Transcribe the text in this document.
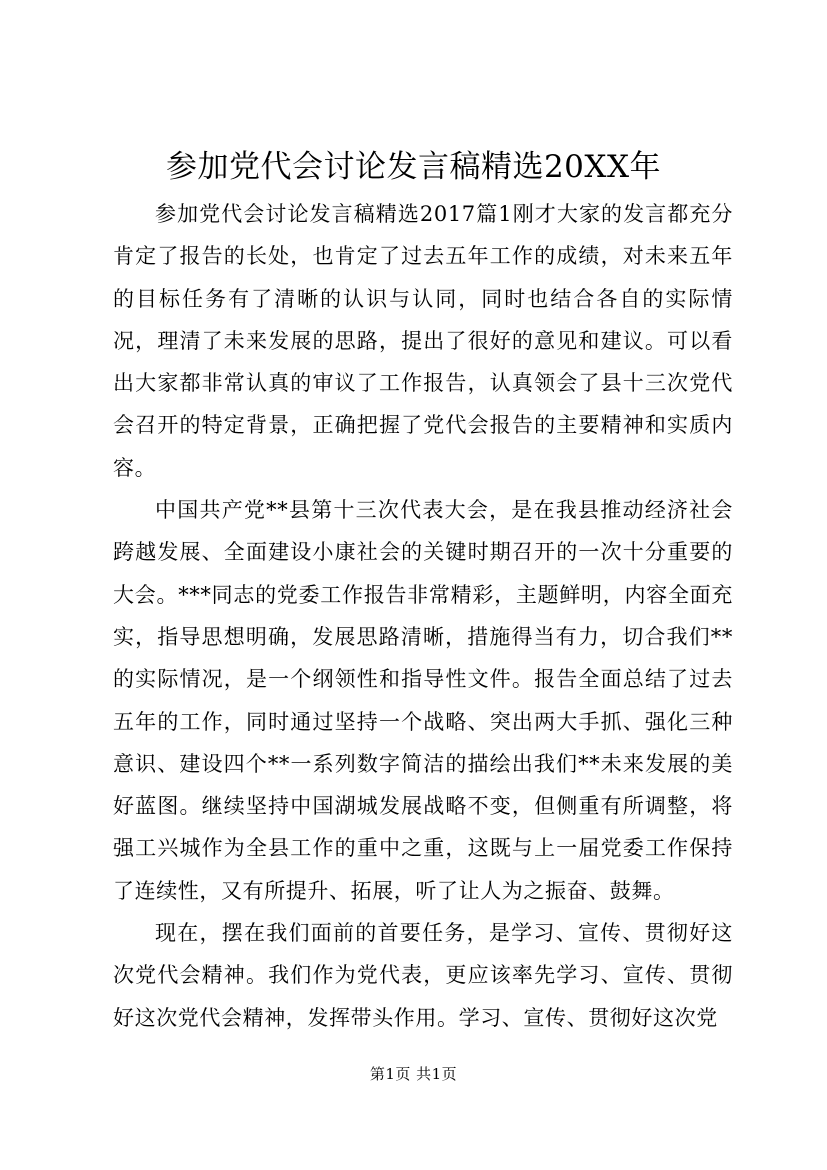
参加党代会讨论发言稿精选20XX年

参加党代会讨论发言稿精选2017篇1刚才大家的发言都充分肯定了报告的长处，也肯定了过去五年工作的成绩，对未来五年的目标任务有了清晰的认识与认同，同时也结合各自的实际情况，理清了未来发展的思路，提出了很好的意见和建议。可以看出大家都非常认真的审议了工作报告，认真领会了县十三次党代会召开的特定背景，正确把握了党代会报告的主要精神和实质内容。

中国共产党**县第十三次代表大会，是在我县推动经济社会跨越发展、全面建设小康社会的关键时期召开的一次十分重要的大会。***同志的党委工作报告非常精彩，主题鲜明，内容全面充实，指导思想明确，发展思路清晰，措施得当有力，切合我们**的实际情况，是一个纲领性和指导性文件。报告全面总结了过去五年的工作，同时通过坚持一个战略、突出两大手抓、强化三种意识、建设四个**一系列数字简洁的描绘出我们**未来发展的美好蓝图。继续坚持中国湖城发展战略不变，但侧重有所调整，将强工兴城作为全县工作的重中之重，这既与上一届党委工作保持了连续性，又有所提升、拓展，听了让人为之振奋、鼓舞。

现在，摆在我们面前的首要任务，是学习、宣传、贯彻好这次党代会精神。我们作为党代表，更应该率先学习、宣传、贯彻好这次党代会精神，发挥带头作用。学习、宣传、贯彻好这次党

第1页 共1页
